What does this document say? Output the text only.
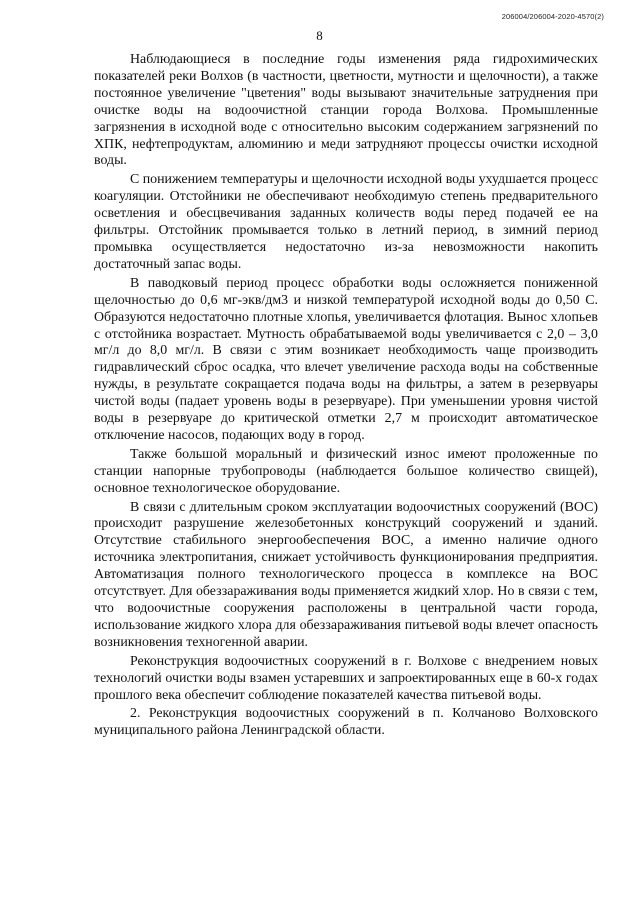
206004/206004-2020-4570(2)
8

Наблюдающиеся в последние годы изменения ряда гидрохимических показателей реки Волхов (в частности, цветности, мутности и щелочности), а также постоянное увеличение "цветения" воды вызывают значительные затруднения при очистке воды на водоочистной станции города Волхова. Промышленные загрязнения в исходной воде с относительно высоким содержанием загрязнений по ХПК, нефтепродуктам, алюминию и меди затрудняют процессы очистки исходной воды.

С понижением температуры и щелочности исходной воды ухудшается процесс коагуляции. Отстойники не обеспечивают необходимую степень предварительного осветления и обесцвечивания заданных количеств воды перед подачей ее на фильтры. Отстойник промывается только в летний период, в зимний период промывка осуществляется недостаточно из-за невозможности накопить достаточный запас воды.

В паводковый период процесс обработки воды осложняется пониженной щелочностью до 0,6 мг-экв/дм3 и низкой температурой исходной воды до 0,50 С. Образуются недостаточно плотные хлопья, увеличивается флотация. Вынос хлопьев с отстойника возрастает. Мутность обрабатываемой воды увеличивается с 2,0 – 3,0 мг/л до 8,0 мг/л. В связи с этим возникает необходимость чаще производить гидравлический сброс осадка, что влечет увеличение расхода воды на собственные нужды, в результате сокращается подача воды на фильтры, а затем в резервуары чистой воды (падает уровень воды в резервуаре). При уменьшении уровня чистой воды в резервуаре до критической отметки 2,7 м происходит автоматическое отключение насосов, подающих воду в город.

Также большой моральный и физический износ имеют проложенные по станции напорные трубопроводы (наблюдается большое количество свищей), основное технологическое оборудование.

В связи с длительным сроком эксплуатации водоочистных сооружений (ВОС) происходит разрушение железобетонных конструкций сооружений и зданий. Отсутствие стабильного энергообеспечения ВОС, а именно наличие одного источника электропитания, снижает устойчивость функционирования предприятия. Автоматизация полного технологического процесса в комплексе на ВОС отсутствует. Для обеззараживания воды применяется жидкий хлор. Но в связи с тем, что водоочистные сооружения расположены в центральной части города, использование жидкого хлора для обеззараживания питьевой воды влечет опасность возникновения техногенной аварии.

Реконструкция водоочистных сооружений в г. Волхове с внедрением новых технологий очистки воды взамен устаревших и запроектированных еще в 60-х годах прошлого века обеспечит соблюдение показателей качества питьевой воды.

2. Реконструкция водоочистных сооружений в п. Колчаново Волховского муниципального района Ленинградской области.
